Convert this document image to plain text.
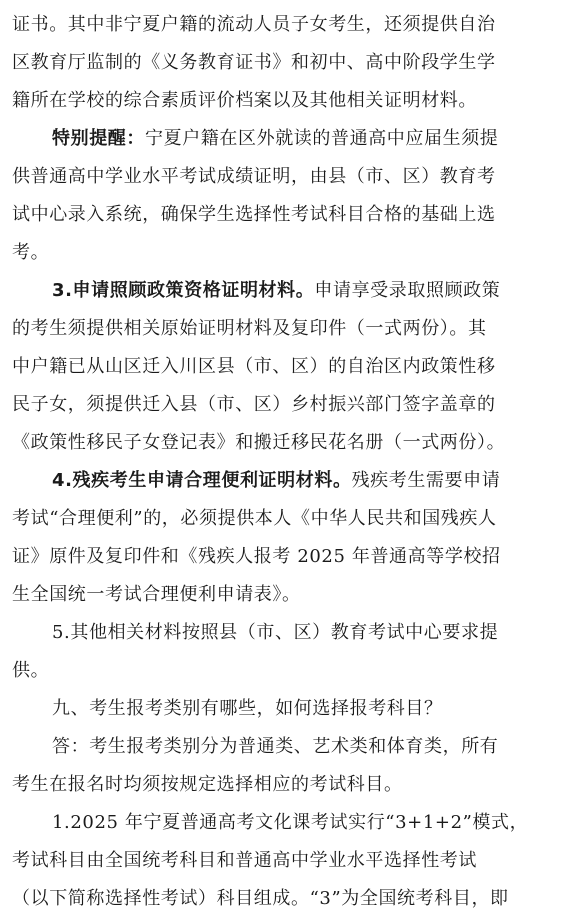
证书。其中非宁夏户籍的流动人员子女考生，还须提供自治
区教育厅监制的《义务教育证书》和初中、高中阶段学生学
籍所在学校的综合素质评价档案以及其他相关证明材料。
特别提醒：宁夏户籍在区外就读的普通高中应届生须提
供普通高中学业水平考试成绩证明，由县（市、区）教育考
试中心录入系统，确保学生选择性考试科目合格的基础上选
考。
3.申请照顾政策资格证明材料。申请享受录取照顾政策
的考生须提供相关原始证明材料及复印件（一式两份）。其
中户籍已从山区迁入川区县（市、区）的自治区内政策性移
民子女，须提供迁入县（市、区）乡村振兴部门签字盖章的
《政策性移民子女登记表》和搬迁移民花名册（一式两份）。
4.残疾考生申请合理便利证明材料。残疾考生需要申请
考试“合理便利”的，必须提供本人《中华人民共和国残疾人
证》原件及复印件和《残疾人报考 2025 年普通高等学校招
生全国统一考试合理便利申请表》。
5.其他相关材料按照县（市、区）教育考试中心要求提
供。
九、考生报考类别有哪些，如何选择报考科目？
答：考生报考类别分为普通类、艺术类和体育类，所有
考生在报名时均须按规定选择相应的考试科目。
1.2025 年宁夏普通高考文化课考试实行“3+1+2”模式，
考试科目由全国统考科目和普通高中学业水平选择性考试
（以下简称选择性考试）科目组成。“3”为全国统考科目，即
